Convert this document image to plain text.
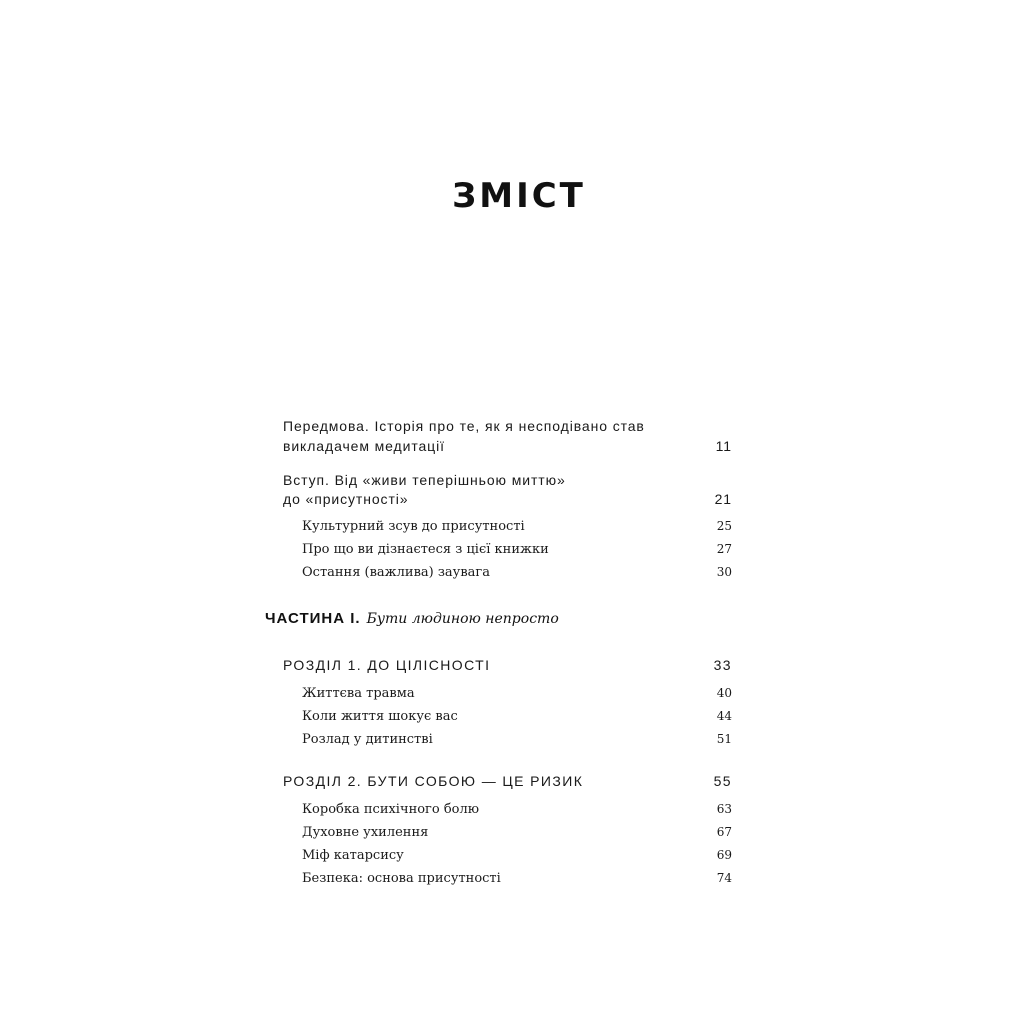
ЗМІСТ
Передмова. Історія про те, як я несподівано став
викладачем медитації	11
Вступ. Від «живи теперішньою миттю»
до «присутності»	21
Культурний зсув до присутності	25
Про що ви дізнаєтеся з цієї книжки	27
Остання (важлива) заувага	30
ЧАСТИНА І. Бути людиною непросто
РОЗДІЛ 1. ДО ЦІЛІСНОСТІ	33
Життєва травма	40
Коли життя шокує вас	44
Розлад у дитинстві	51
РОЗДІЛ 2. БУТИ СОБОЮ — ЦЕ РИЗИК	55
Коробка психічного болю	63
Духовне ухилення	67
Міф катарсису	69
Безпека: основа присутності	74
